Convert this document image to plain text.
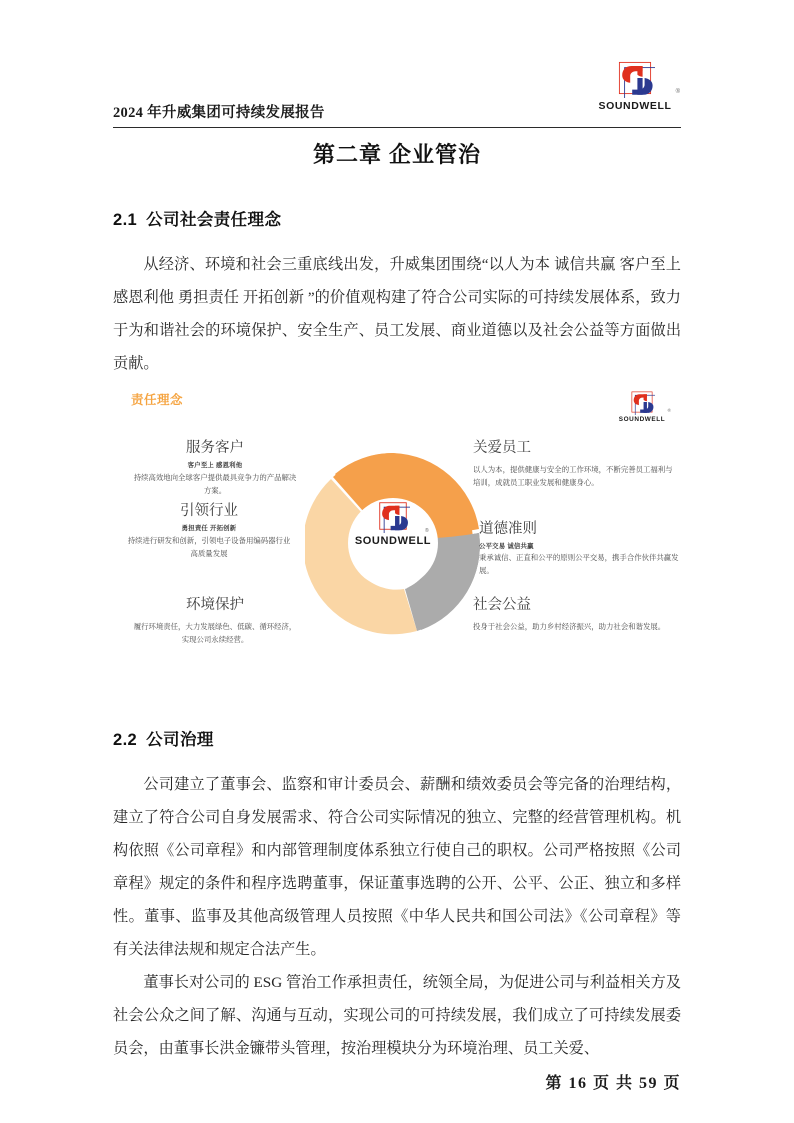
2024 年升威集团可持续发展报告	SOUNDWELL
®
第二章 企业管治
2.1 公司社会责任理念
从经济、环境和社会三重底线出发，升威集团围绕“以人为本 诚信共赢 客户至上 感恩利他 勇担责任 开拓创新 ”的价值观构建了符合公司实际的可持续发展体系，致力于为和谐社会的环境保护、安全生产、员工发展、商业道德以及社会公益等方面做出贡献。
责任理念
SOUNDWELL
®
SOUNDWELL
®
服务客户
客户至上 感恩利他
持续高效地向全球客户提供最具竞争力的产品解决方案。
引领行业
勇担责任 开拓创新
持续进行研发和创新，引领电子设备用编码器行业高质量发展
环境保护
履行环境责任，大力发展绿色、低碳、循环经济，实现公司永续经营。
关爱员工
以人为本，提供健康与安全的工作环境，不断完善员工福利与培训，成就员工职业发展和健康身心。
道德准则
公平交易 诚信共赢
秉承诚信、正直和公平的原则公平交易，携手合作伙伴共赢发展。
社会公益
投身于社会公益，助力乡村经济振兴，助力社会和谐发展。
2.2 公司治理
公司建立了董事会、监察和审计委员会、薪酬和绩效委员会等完备的治理结构，建立了符合公司自身发展需求、符合公司实际情况的独立、完整的经营管理机构。机构依照《公司章程》和内部管理制度体系独立行使自己的职权。公司严格按照《公司章程》规定的条件和程序选聘董事，保证董事选聘的公开、公平、公正、独立和多样性。董事、监事及其他高级管理人员按照《中华人民共和国公司法》《公司章程》等有关法律法规和规定合法产生。
董事长对公司的 ESG 管治工作承担责任，统领全局，为促进公司与利益相关方及社会公众之间了解、沟通与互动，实现公司的可持续发展，我们成立了可持续发展委员会，由董事长洪金镰带头管理，按治理模块分为环境治理、员工关爱、
第 16 页 共 59 页
